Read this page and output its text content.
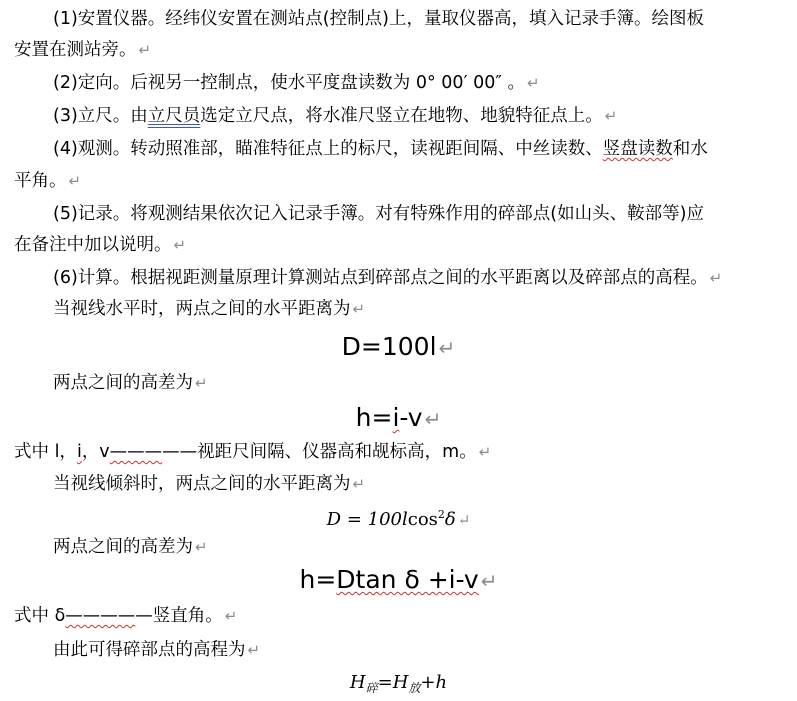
(1)安置仪器。经纬仪安置在测站点(控制点)上，量取仪器高，填入记录手簿。绘图板
安置在测站旁。 ↵
(2)定向。后视另一控制点，使水平度盘读数为 0° 00′ 00″ 。 ↵
(3)立尺。由立尺员选定立尺点，将水准尺竖立在地物、地貌特征点上。 ↵
(4)观测。转动照准部，瞄准特征点上的标尺，读视距间隔、中丝读数、竖盘读数和水
平角。 ↵
(5)记录。将观测结果依次记入记录手簿。对有特殊作用的碎部点(如山头、鞍部等)应
在备注中加以说明。 ↵
(6)计算。根据视距测量原理计算测站点到碎部点之间的水平距离以及碎部点的高程。 ↵
当视线水平时，两点之间的水平距离为 ↵
D=100l ↵
两点之间的高差为 ↵
h=i-v ↵
式中 l，i，v—————视距尺间隔、仪器高和觇标高，m。 ↵
当视线倾斜时，两点之间的水平距离为 ↵
D = 100lcos$^2$δ ↵
两点之间的高差为 ↵
h=Dtan δ +i-v ↵
式中 δ—————竖直角。 ↵
由此可得碎部点的高程为 ↵
$H_碎=H_放+h$
